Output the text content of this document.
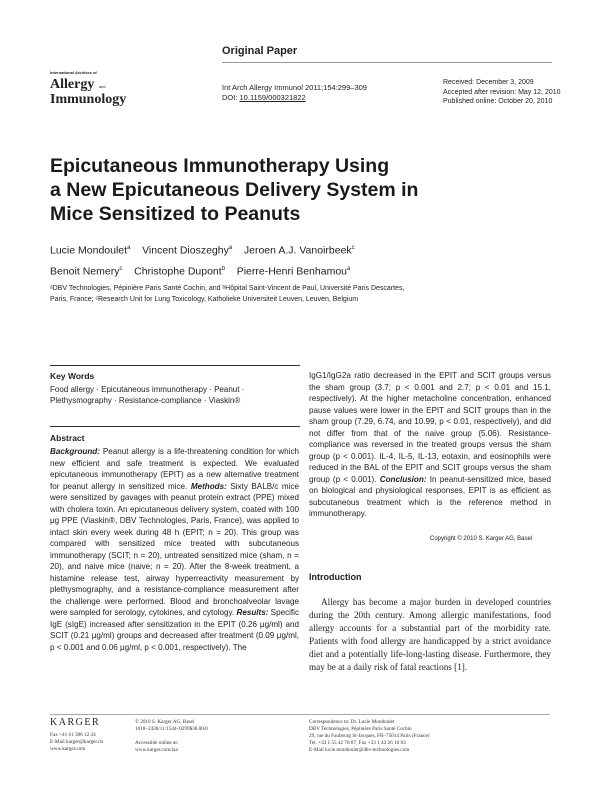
Original Paper
International Archives of
Allergy and
Immunology
Int Arch Allergy Immunol 2011;154:299–309
DOI: 10.1159/000321822
Received: December 3, 2009
Accepted after revision: May 12, 2010
Published online: October 20, 2010
Epicutaneous Immunotherapy Using
a New Epicutaneous Delivery System in
Mice Sensitized to Peanuts
Lucie Mondoulet$^a$ Vincent Dioszeghy$^a$ Jeroen A.J. Vanoirbeek$^c$
Benoit Nemery$^c$ Christophe Dupont$^b$ Pierre-Henri Benhamou$^a$
ᵃDBV Technologies, Pépinière Paris Santé Cochin, and ᵇHôpital Saint-Vincent de Paul, Université Paris Descartes,
Paris, France; ᶜResearch Unit for Lung Toxicology, Katholieke Universiteit Leuven, Leuven, Belgium
Key Words
Food allergy · Epicutaneous immunotherapy · Peanut ·
Plethysmography · Resistance-compliance · Viaskin®
Abstract
Background: Peanut allergy is a life-threatening condition for which new efficient and safe treatment is expected. We evaluated epicutaneous immunotherapy (EPIT) as a new alternative treatment for peanut allergy in sensitized mice. Methods: Sixty BALB/c mice were sensitized by gavages with peanut protein extract (PPE) mixed with cholera toxin. An epicutaneous delivery system, coated with 100 μg PPE (Viaskin®, DBV Technologies, Paris, France), was applied to intact skin every week during 48 h (EPIT; n = 20). This group was compared with sensitized mice treated with subcutaneous immunotherapy (SCIT; n = 20), untreated sensitized mice (sham, n = 20), and naive mice (naive; n = 20). After the 8-week treatment, a histamine release test, airway hyperreactivity measurement by plethysmography, and a resistance-compliance measurement after the challenge were performed. Blood and bronchoalveolar lavage were sampled for serology, cytokines, and cytology. Results: Specific IgE (sIgE) increased after sensitization in the EPIT (0.26 μg/ml) and SCIT (0.21 μg/ml) groups and decreased after treatment (0.09 μg/ml, p < 0.001 and 0.06 μg/ml, p < 0.001, respectively). The
IgG1/IgG2a ratio decreased in the EPIT and SCIT groups versus the sham group (3.7; p < 0.001 and 2.7; p < 0.01 and 15.1, respectively). At the higher metacholine concentration, enhanced pause values were lower in the EPIT and SCIT groups than in the sham group (7.29, 6.74, and 10.99, p < 0.01, respectively), and did not differ from that of the naive group (5.06). Resistance-compliance was reversed in the treated groups versus the sham group (p < 0.001). IL-4, IL-5, IL-13, eotaxin, and eosinophils were reduced in the BAL of the EPIT and SCIT groups versus the sham group (p < 0.001). Conclusion: In peanut-sensitized mice, based on biological and physiological responses, EPIT is as efficient as subcutaneous treatment which is the reference method in immunotherapy.
Copyright © 2010 S. Karger AG, Basel
Introduction
Allergy has become a major burden in developed countries during the 20th century. Among allergic manifestations, food allergy accounts for a substantial part of the morbidity rate. Patients with food allergy are handicapped by a strict avoidance diet and a potentially life-long-lasting disease. Furthermore, they may be at a daily risk of fatal reactions [1].
KARGER
Fax +41 61 306 12 34
E-Mail karger@karger.ch
www.karger.com
© 2010 S. Karger AG, Basel
1018–2438/11/1544–0299$38.00/0

Accessible online at:
www.karger.com/iaa
Correspondence to: Dr. Lucie Mondoulet
DBV Technologies, Pépinière Paris Santé Cochin
29, rue du Faubourg St-Jacques, FR–75014 Paris (France)
Tel. +33 1 55 42 78 87, Fax +33 1 43 26 10 83
E-Mail lucie.mondoulet@dbv-technologies.com
